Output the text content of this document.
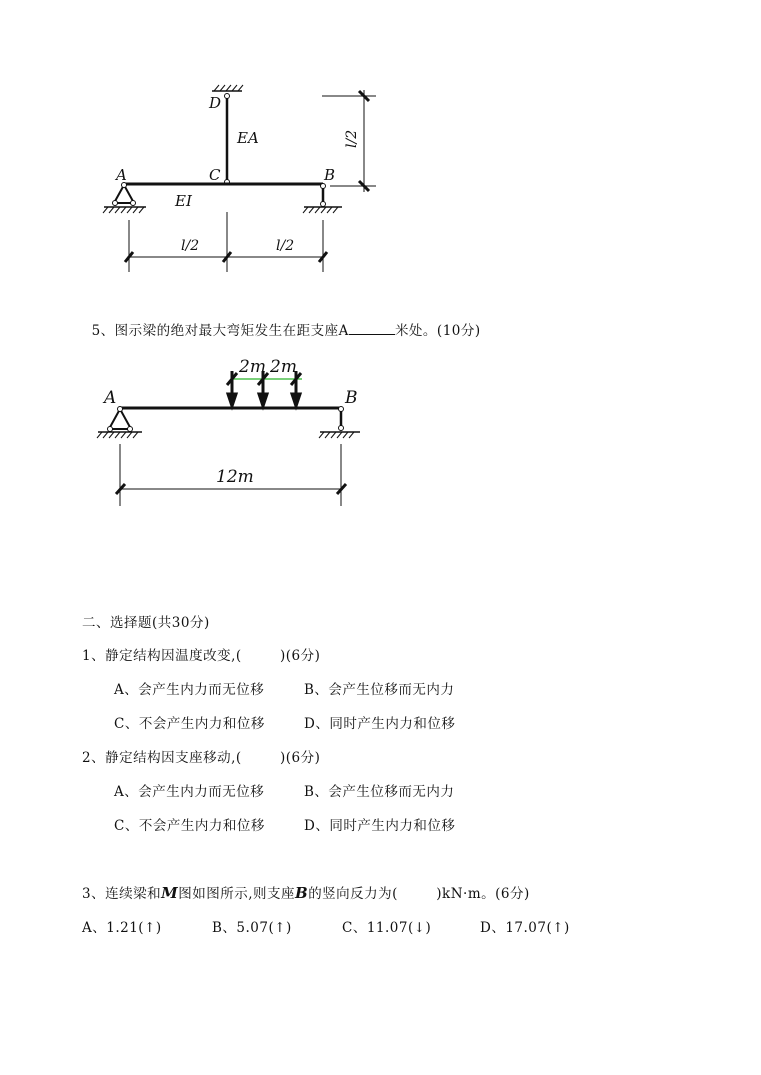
D
EA
C
A	B
EI
l/2	l/2
l/2

5、图示梁的绝对最大弯矩发生在距支座A	米处。(10分)

A	B
2m 2m
12m
二、选择题(共30分)
1、静定结构因温度改变,(        )(6分)
A、会产生内力而无位移	B、会产生位移而无内力
C、不会产生内力和位移	D、同时产生内力和位移
2、静定结构因支座移动,(        )(6分)
A、会产生内力而无位移	B、会产生位移而无内力
C、不会产生内力和位移	D、同时产生内力和位移
3、连续梁和M图如图所示,则支座B的竖向反力为(        )kN·m。(6分)
A、1.21(↑)	B、5.07(↑)	C、11.07(↓)	D、17.07(↑)
